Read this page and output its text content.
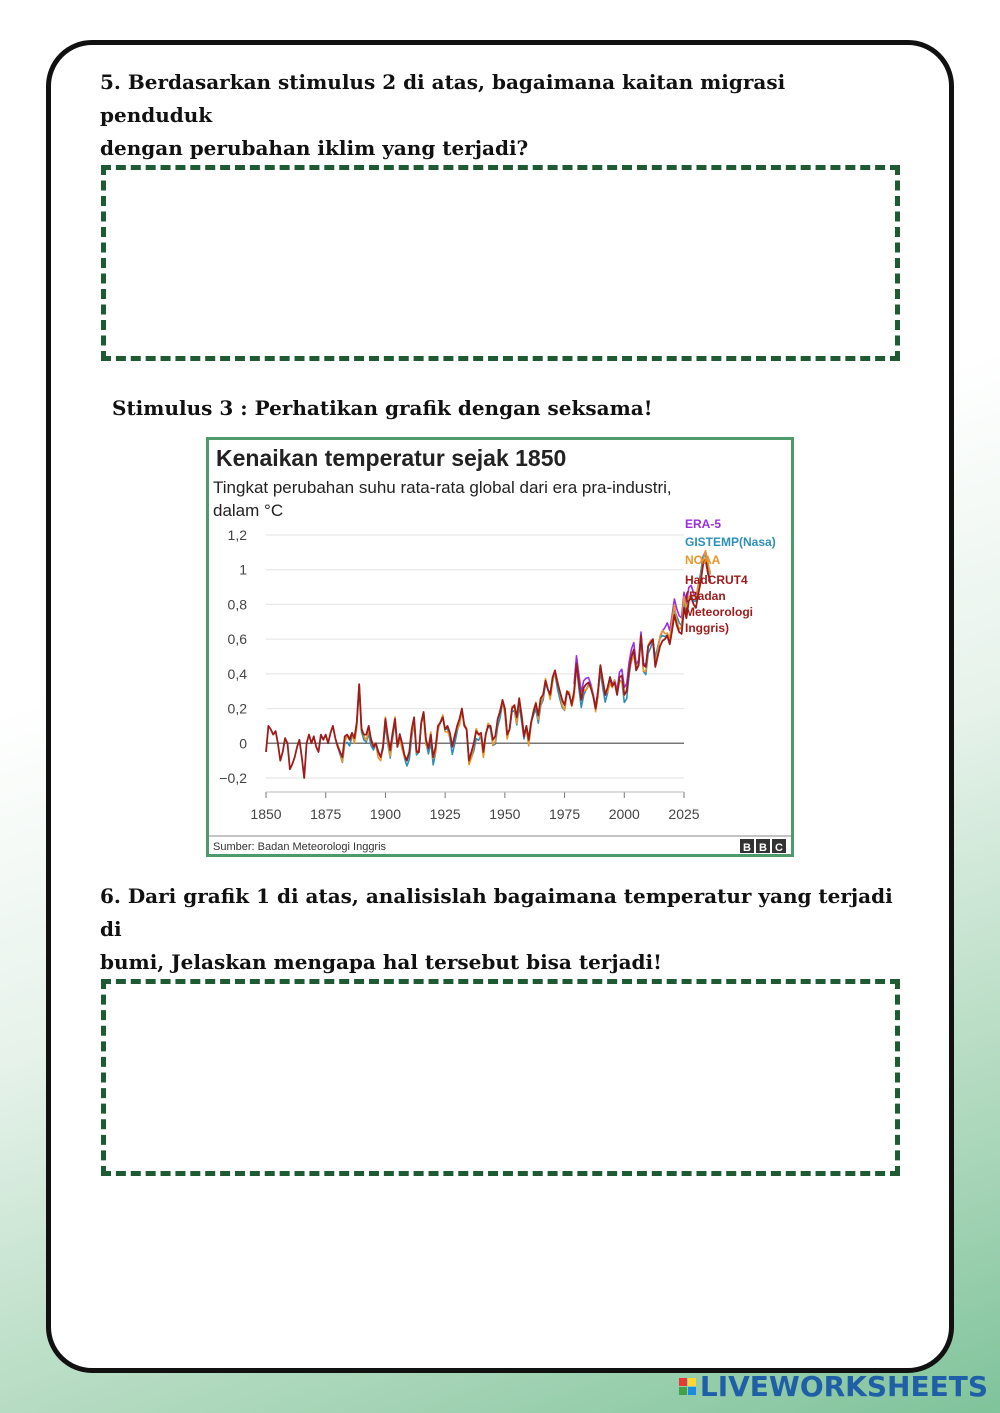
5. Berdasarkan stimulus 2 di atas, bagaimana kaitan migrasi penduduk
dengan perubahan iklim yang terjadi?
Stimulus 3 : Perhatikan grafik dengan seksama!
Kenaikan temperatur sejak 1850
Tingkat perubahan suhu rata-rata global dari era pra-industri,
dalam °C
1,2
1
0,8
0,6
0,4
0,2
0
−0,2
1850 1875 1900 1925 1950 1975 2000 2025
ERA-5
GISTEMP(Nasa)
NOAA
HadCRUT4
(Badan
Meteorologi
Inggris)
Sumber: Badan Meteorologi Inggris	B B C
6. Dari grafik 1 di atas, analisislah bagaimana temperatur yang terjadi di
bumi, Jelaskan mengapa hal tersebut bisa terjadi!
LIVEWORKSHEETS
